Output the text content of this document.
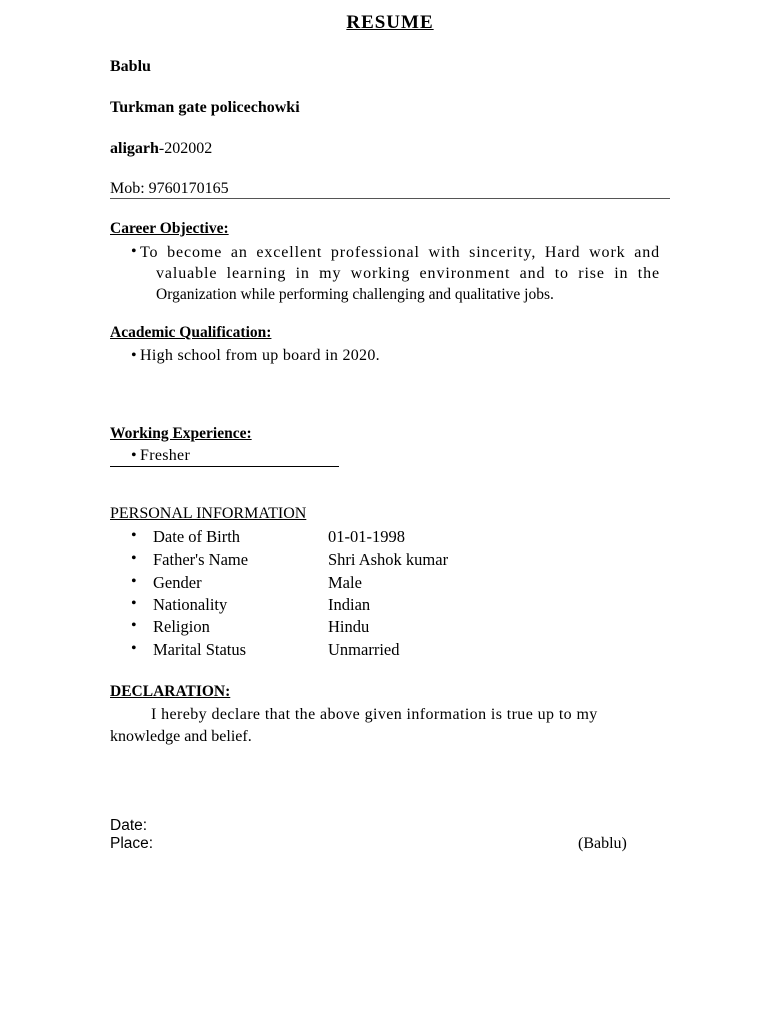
RESUME
Bablu
Turkman gate policechowki
aligarh-202002
Mob: 9760170165
Career Objective:
• To become an excellent professional with sincerity, Hard work and
valuable learning in my working environment and to rise in the
Organization while performing challenging and qualitative jobs.
Academic Qualification:
• High school from up board in 2020.
Working Experience:
• Fresher
PERSONAL INFORMATION
• Date of Birth	01-01-1998
• Father's Name	Shri Ashok kumar
• Gender	Male
• Nationality	Indian
• Religion	Hindu
• Marital Status	Unmarried
DECLARATION:
I hereby declare that the above given information is true up to my
knowledge and belief.
Date:
Place:	(Bablu)
